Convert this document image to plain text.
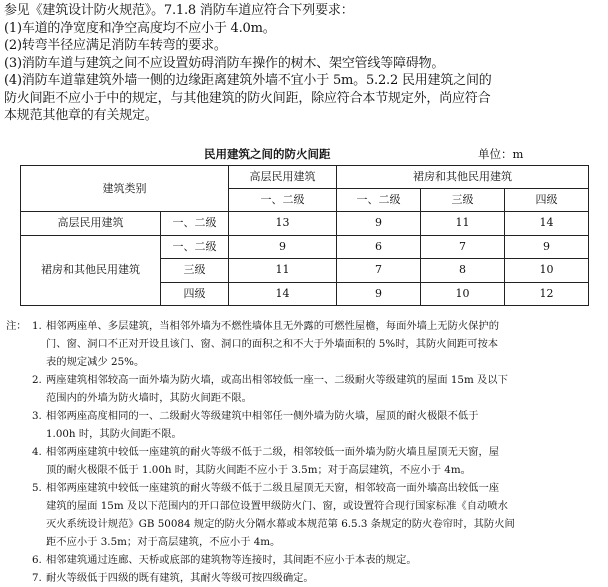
参见《建筑设计防火规范》。7.1.8 消防车道应符合下列要求：
(1)车道的净宽度和净空高度均不应小于 4.0m。
(2)转弯半径应满足消防车转弯的要求。
(3)消防车道与建筑之间不应设置妨碍消防车操作的树木、架空管线等障碍物。
(4)消防车道靠建筑外墙一侧的边缘距离建筑外墙不宜小于 5m。5.2.2 民用建筑之间的
防火间距不应小于中的规定，与其他建筑的防火间距，除应符合本节规定外，尚应符合
本规范其他章的有关规定。
民用建筑之间的防火间距	单位：m
建筑类别		高层民用建筑	裙房和其他民用建筑		
		一、二级	一、二级	三级	四级
高层民用建筑	一、二级	13	9	11	14
裙房和其他民用建筑	一、二级	9	6	7	9
	三级	11	7	8	10
	四级	14	9	10	12
注： 1. 相邻两座单、多层建筑，当相邻外墙为不燃性墙体且无外露的可燃性屋檐，每面外墙上无防火保护的
门、窗、洞口不正对开设且该门、窗、洞口的面积之和不大于外墙面积的 5%时，其防火间距可按本
表的规定减少 25%。
2. 两座建筑相邻较高一面外墙为防火墙，或高出相邻较低一座一、二级耐火等级建筑的屋面 15m 及以下
范围内的外墙为防火墙时，其防火间距不限。
3. 相邻两座高度相同的一、二级耐火等级建筑中相邻任一侧外墙为防火墙，屋顶的耐火极限不低于
1.00h 时，其防火间距不限。
4. 相邻两座建筑中较低一座建筑的耐火等级不低于二级，相邻较低一面外墙为防火墙且屋顶无天窗，屋
顶的耐火极限不低于 1.00h 时，其防火间距不应小于 3.5m；对于高层建筑，不应小于 4m。
5. 相邻两座建筑中较低一座建筑的耐火等级不低于二级且屋顶无天窗，相邻较高一面外墙高出较低一座
建筑的屋面 15m 及以下范围内的开口部位设置甲级防火门、窗，或设置符合现行国家标准《自动喷水
灭火系统设计规范》GB 50084 规定的防火分隔水幕或本规范第 6.5.3 条规定的防火卷帘时，其防火间
距不应小于 3.5m；对于高层建筑，不应小于 4m。
6. 相邻建筑通过连廊、天桥或底部的建筑物等连接时，其间距不应小于本表的规定。
7. 耐火等级低于四级的既有建筑，其耐火等级可按四级确定。
